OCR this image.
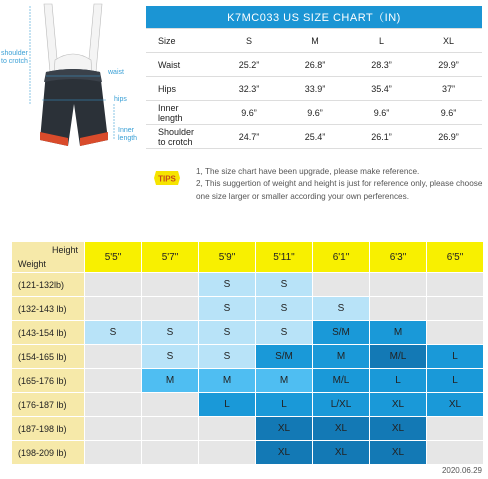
shoulder
to crotch
waist
hips
Inner
length
K7MC033 US SIZE CHART（IN)				
Size	S	M	L	XL
Waist	25.2”	26.8”	28.3”	29.9”
Hips	32.3”	33.9”	35.4”	37”
Inner
length	9.6”	9.6”	9.6”	9.6”
Shoulder
to crotch	24.7”	25.4”	26.1”	26.9”
TIPS
1, The size chart have been upgrade, please make reference.
2, This suggertion of weight and height is just for reference only, please choose one size larger or smaller according your own perferences.
Height
Weight	5'5"	5'7"	5'9"	5'11"	6'1"	6'3"	6'5"
(121-132lb)			S	S			
(132-143 lb)			S	S	S		
(143-154 lb)	S	S	S	S	S/M	M	
(154-165 lb)		S	S	S/M	M	M/L	L
(165-176 lb)		M	M	M	M/L	L	L
(176-187 lb)			L	L	L/XL	XL	XL
(187-198 lb)				XL	XL	XL	
(198-209 lb)				XL	XL	XL	
2020.06.29
